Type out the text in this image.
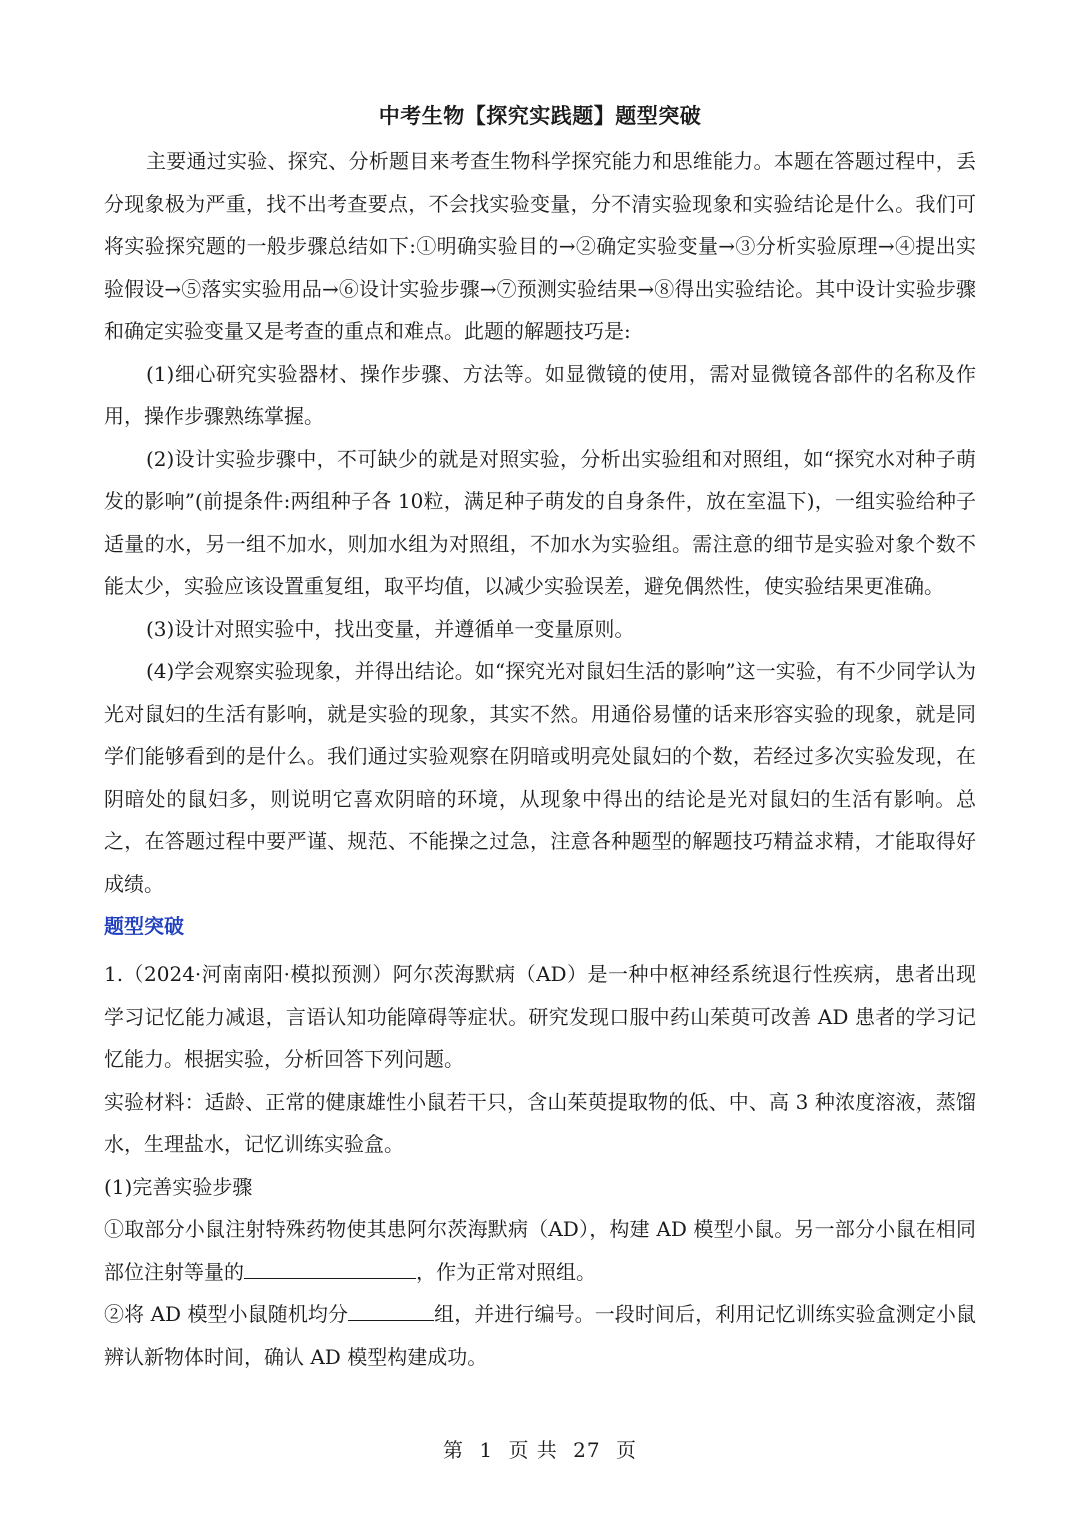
中考生物【探究实践题】题型突破

主要通过实验、探究、分析题目来考查生物科学探究能力和思维能力。本题在答题过程中，丢分现象极为严重，找不出考查要点，不会找实验变量，分不清实验现象和实验结论是什么。我们可将实验探究题的一般步骤总结如下:①明确实验目的→②确定实验变量→③分析实验原理→④提出实验假设→⑤落实实验用品→⑥设计实验步骤→⑦预测实验结果→⑧得出实验结论。其中设计实验步骤和确定实验变量又是考查的重点和难点。此题的解题技巧是:

(1)细心研究实验器材、操作步骤、方法等。如显微镜的使用，需对显微镜各部件的名称及作用，操作步骤熟练掌握。

(2)设计实验步骤中，不可缺少的就是对照实验，分析出实验组和对照组，如“探究水对种子萌发的影响”(前提条件:两组种子各 10粒，满足种子萌发的自身条件，放在室温下)，一组实验给种子适量的水，另一组不加水，则加水组为对照组，不加水为实验组。需注意的细节是实验对象个数不能太少，实验应该设置重复组，取平均值，以减少实验误差，避免偶然性，使实验结果更准确。

(3)设计对照实验中，找出变量，并遵循单一变量原则。

(4)学会观察实验现象，并得出结论。如“探究光对鼠妇生活的影响”这一实验，有不少同学认为光对鼠妇的生活有影响，就是实验的现象，其实不然。用通俗易懂的话来形容实验的现象，就是同学们能够看到的是什么。我们通过实验观察在阴暗或明亮处鼠妇的个数，若经过多次实验发现，在阴暗处的鼠妇多，则说明它喜欢阴暗的环境，从现象中得出的结论是光对鼠妇的生活有影响。总之，在答题过程中要严谨、规范、不能操之过急，注意各种题型的解题技巧精益求精，才能取得好成绩。

题型突破

1.（2024·河南南阳·模拟预测）阿尔茨海默病（AD）是一种中枢神经系统退行性疾病，患者出现学习记忆能力减退，言语认知功能障碍等症状。研究发现口服中药山茱萸可改善 AD 患者的学习记忆能力。根据实验，分析回答下列问题。

实验材料：适龄、正常的健康雄性小鼠若干只，含山茱萸提取物的低、中、高 3 种浓度溶液，蒸馏水，生理盐水，记忆训练实验盒。

(1)完善实验步骤

①取部分小鼠注射特殊药物使其患阿尔茨海默病（AD），构建 AD 模型小鼠。另一部分小鼠在相同部位注射等量的	，作为正常对照组。

②将 AD 模型小鼠随机均分	组，并进行编号。一段时间后，利用记忆训练实验盒测定小鼠辨认新物体时间，确认 AD 模型构建成功。

第 1 页 共 27 页
